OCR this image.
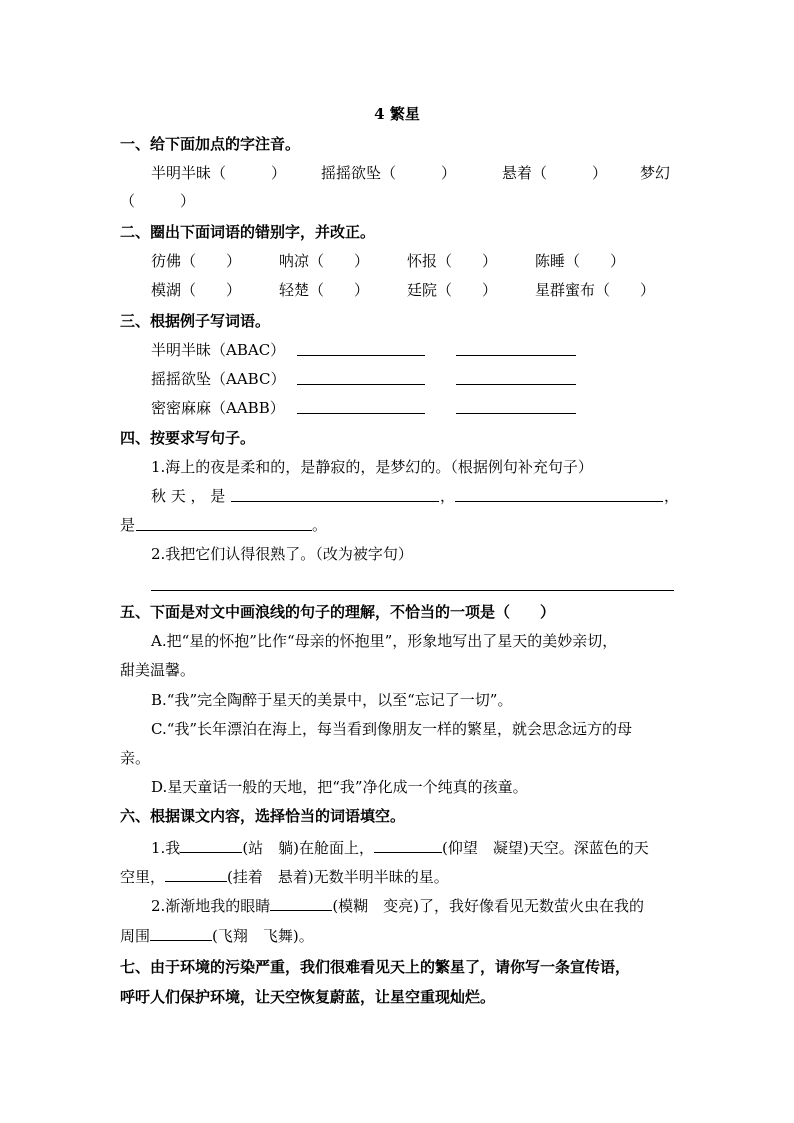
4 繁星
一、给下面加点的字注音。
半明半昧（　　　） 摇摇欲坠（　　　）	悬着（　　　） 梦幻
（　　　）
二、圈出下面词语的错别字，并改正。
彷佛（　　）	呐凉（　　）	怀报（　　）	陈睡（　　）
模湖（　　）	轻楚（　　）	廷院（　　）	星群蜜布（　　）
三、根据例子写词语。
半明半昧（ABAC）
摇摇欲坠（AABC）
密密麻麻（AABB）
四、按要求写句子。
1.海上的夜是柔和的，是静寂的，是梦幻的。（根据例句补充句子）
秋 天 ， 是	，	，
是	。
2.我把它们认得很熟了。（改为被字句）
五、下面是对文中画浪线的句子的理解，不恰当的一项是（　　）
A.把“星的怀抱”比作“母亲的怀抱里”，形象地写出了星天的美妙亲切，
甜美温馨。
B.“我”完全陶醉于星天的美景中，以至“忘记了一切”。
C.“我”长年漂泊在海上，每当看到像朋友一样的繁星，就会思念远方的母
亲。
D.星天童话一般的天地，把“我”净化成一个纯真的孩童。
六、根据课文内容，选择恰当的词语填空。
1.我	(站　躺)在舱面上，	(仰望　凝望)天空。深蓝色的天
空里，	(挂着　悬着)无数半明半昧的星。
2.渐渐地我的眼睛	(模糊　变亮)了，我好像看见无数萤火虫在我的
周围	(飞翔　飞舞)。
七、由于环境的污染严重，我们很难看见天上的繁星了，请你写一条宣传语，
呼吁人们保护环境，让天空恢复蔚蓝，让星空重现灿烂。
